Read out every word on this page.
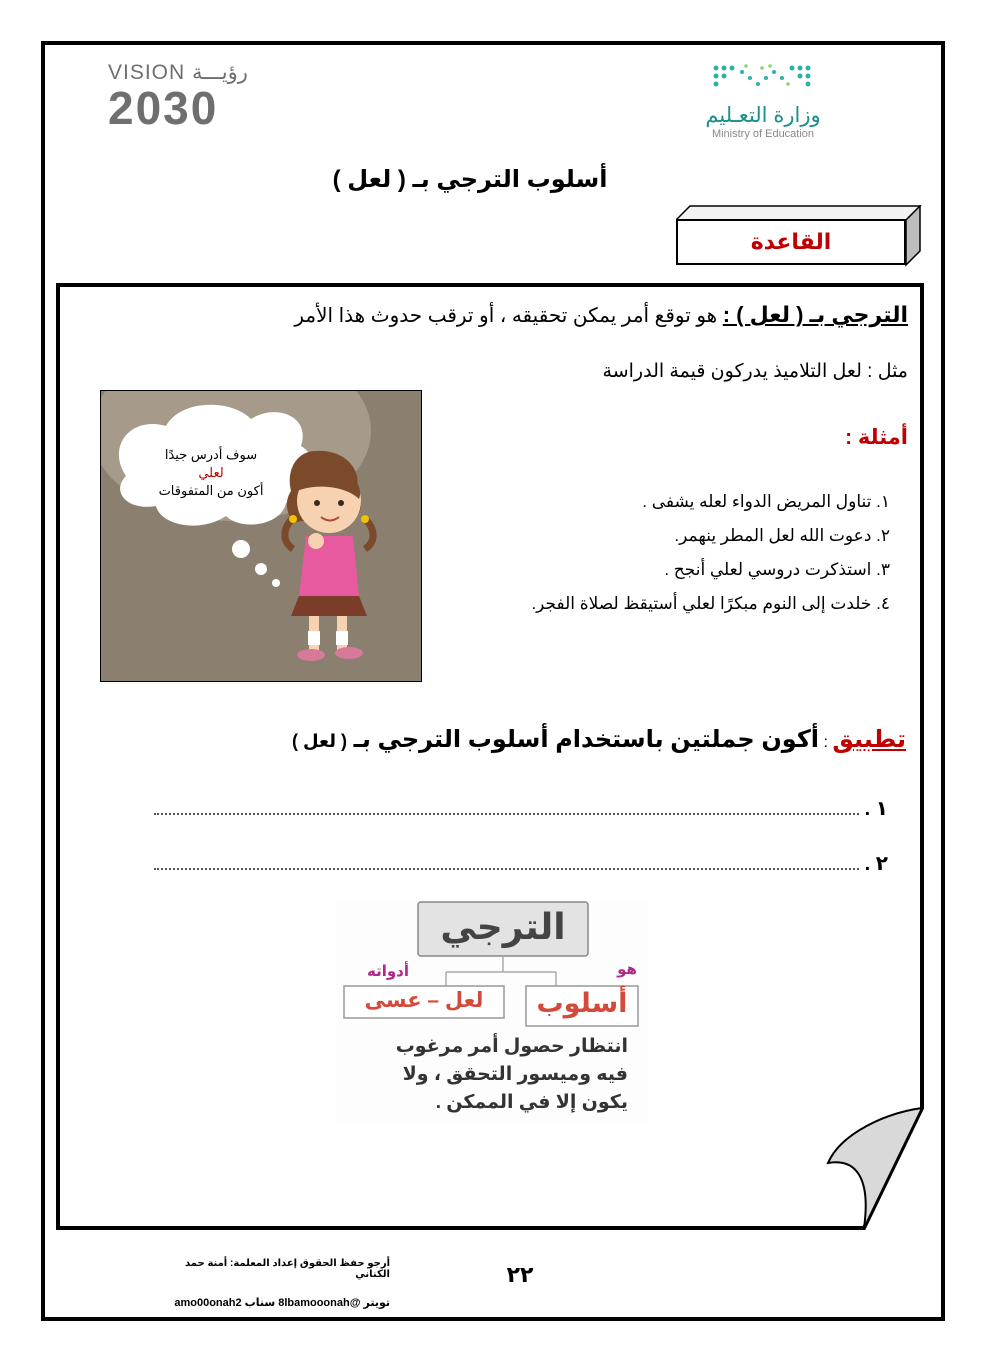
VISION رؤيـــة
2030	وزارة التعـليم
Ministry of Education
أسلوب الترجي بـ ( لعل )
القاعدة
الترجي بـ ( لعل ) : هو توقع أمر يمكن تحقيقه ، أو ترقب حدوث هذا الأمر
مثل : لعل التلاميذ يدركون قيمة الدراسة
أمثلة :
١. تناول المريض الدواء لعله يشفى .
٢. دعوت الله لعل المطر ينهمر.
٣. استذكرت دروسي لعلي أنجح .
٤. خلدت إلى النوم مبكرًا لعلي أستيقظ لصلاة الفجر.
سوف أدرس جيدًا
لعلي
أكون من المتفوقات
تطبيق : أكون جملتين باستخدام أسلوب الترجي بـ ( لعل )
١ .
٢ .
الترجي
هو
أدواته
أسلوب
لعل – عسى
انتظار حصول أمر مرغوب
فيه وميسور التحقق ، ولا
يكون إلا في الممكن .
أرجو حفظ الحقوق إعداد المعلمة: أمنة حمد الكناني
تويتر @8lbamooonah سناب amo00onah2
٢٢
